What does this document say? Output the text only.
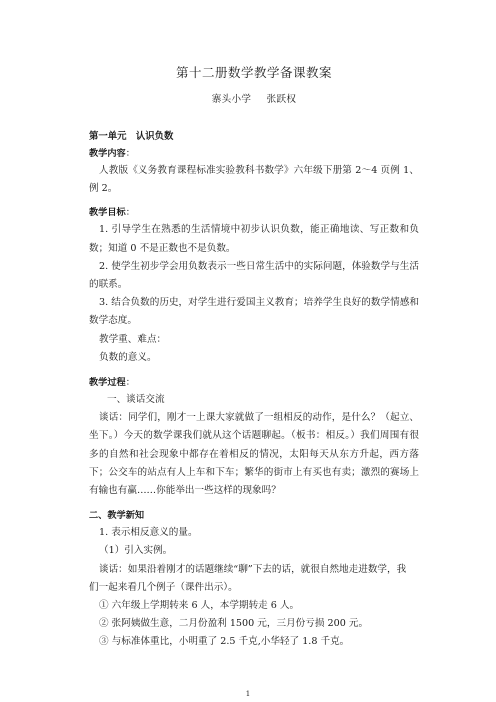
第十二册数学教学备课教案
寨头小学 张跃权
第一单元　认识负数
教学内容：

人教版《义务教育课程标准实验教科书数学》六年级下册第 2～4 页例 1、例 2。

教学目标：

1. 引导学生在熟悉的生活情境中初步认识负数，能正确地读、写正数和负数；知道 0 不是正数也不是负数。

2. 使学生初步学会用负数表示一些日常生活中的实际问题，体验数学与生活的联系。

3. 结合负数的历史，对学生进行爱国主义教育；培养学生良好的数学情感和数学态度。

教学重、难点：

负数的意义。

教学过程：

一、谈话交流

谈话：同学们，刚才一上课大家就做了一组相反的动作，是什么？（起立、坐下。）今天的数学课我们就从这个话题聊起。（板书：相反。）我们周围有很多的自然和社会现象中都存在着相反的情况，太阳每天从东方升起，西方落下；公交车的站点有人上车和下车；繁华的街市上有买也有卖；激烈的赛场上有输也有赢……你能举出一些这样的现象吗？

二、教学新知

1. 表示相反意义的量。

（1）引入实例。

谈话：如果沿着刚才的话题继续“聊”下去的话，就很自然地走进数学，我

们一起来看几个例子（课件出示）。

① 六年级上学期转来 6 人，本学期转走 6 人。

② 张阿姨做生意，二月份盈利 1500 元，三月份亏损 200 元。

③ 与标准体重比，小明重了 2.5 千克,小华轻了 1.8 千克。

1
